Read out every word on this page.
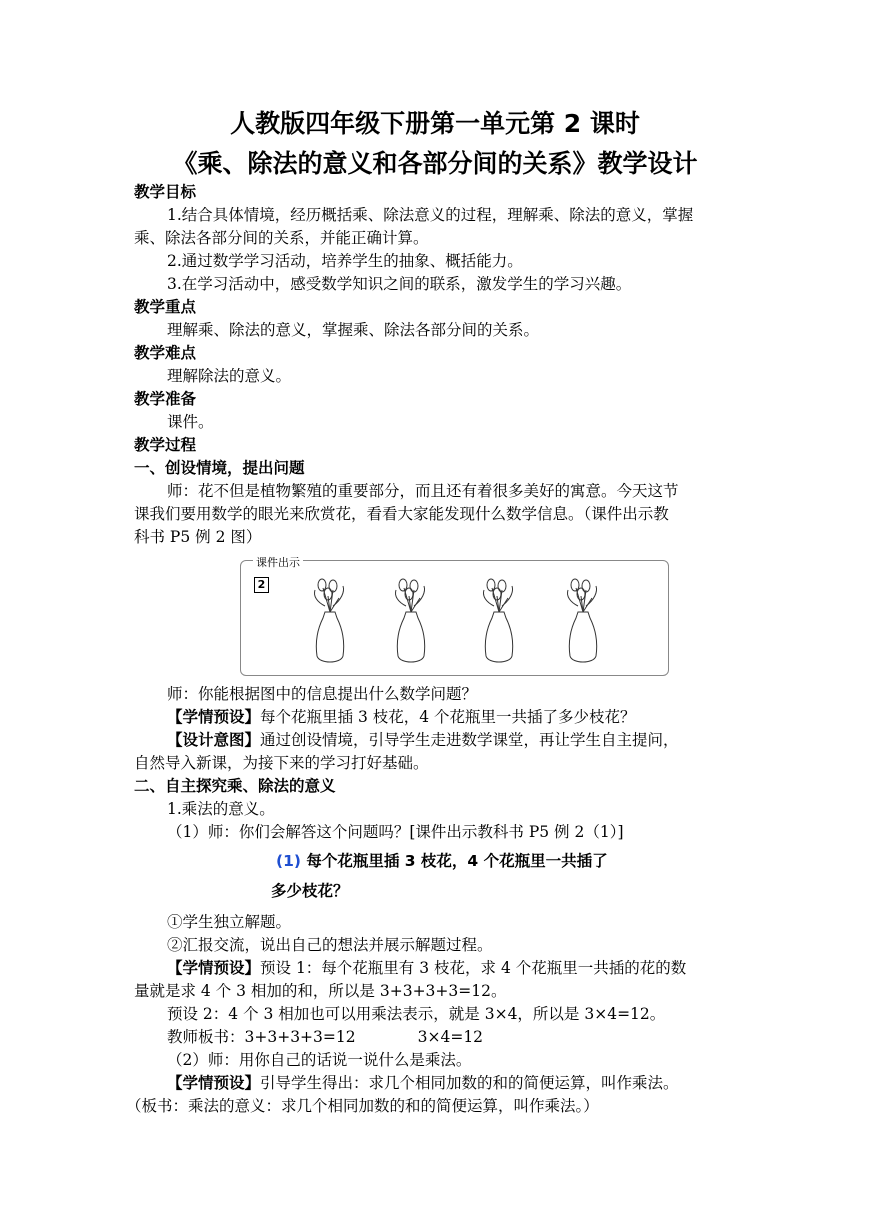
人教版四年级下册第一单元第 2 课时
《乘、除法的意义和各部分间的关系》教学设计
教学目标
1.结合具体情境，经历概括乘、除法意义的过程，理解乘、除法的意义，掌握
乘、除法各部分间的关系，并能正确计算。
2.通过数学学习活动，培养学生的抽象、概括能力。
3.在学习活动中，感受数学知识之间的联系，激发学生的学习兴趣。
教学重点
理解乘、除法的意义，掌握乘、除法各部分间的关系。
教学难点
理解除法的意义。
教学准备
课件。
教学过程
一、创设情境，提出问题
师：花不但是植物繁殖的重要部分，而且还有着很多美好的寓意。今天这节
课我们要用数学的眼光来欣赏花，看看大家能发现什么数学信息。（课件出示教
科书 P5 例 2 图）
课件出示
2
师：你能根据图中的信息提出什么数学问题？
【学情预设】每个花瓶里插 3 枝花，4 个花瓶里一共插了多少枝花？
【设计意图】通过创设情境，引导学生走进数学课堂，再让学生自主提问，
自然导入新课，为接下来的学习打好基础。
二、自主探究乘、除法的意义
1.乘法的意义。
（1）师：你们会解答这个问题吗？[课件出示教科书 P5 例 2（1）]
(1) 每个花瓶里插 3 枝花，4 个花瓶里一共插了
多少枝花？
①学生独立解题。
②汇报交流，说出自己的想法并展示解题过程。
【学情预设】预设 1：每个花瓶里有 3 枝花，求 4 个花瓶里一共插的花的数
量就是求 4 个 3 相加的和，所以是 3+3+3+3=12。
预设 2：4 个 3 相加也可以用乘法表示，就是 3×4，所以是 3×4=12。
教师板书：3+3+3+3=12　　　　3×4=12
（2）师：用你自己的话说一说什么是乘法。
【学情预设】引导学生得出：求几个相同加数的和的简便运算，叫作乘法。
（板书：乘法的意义：求几个相同加数的和的简便运算，叫作乘法。）
